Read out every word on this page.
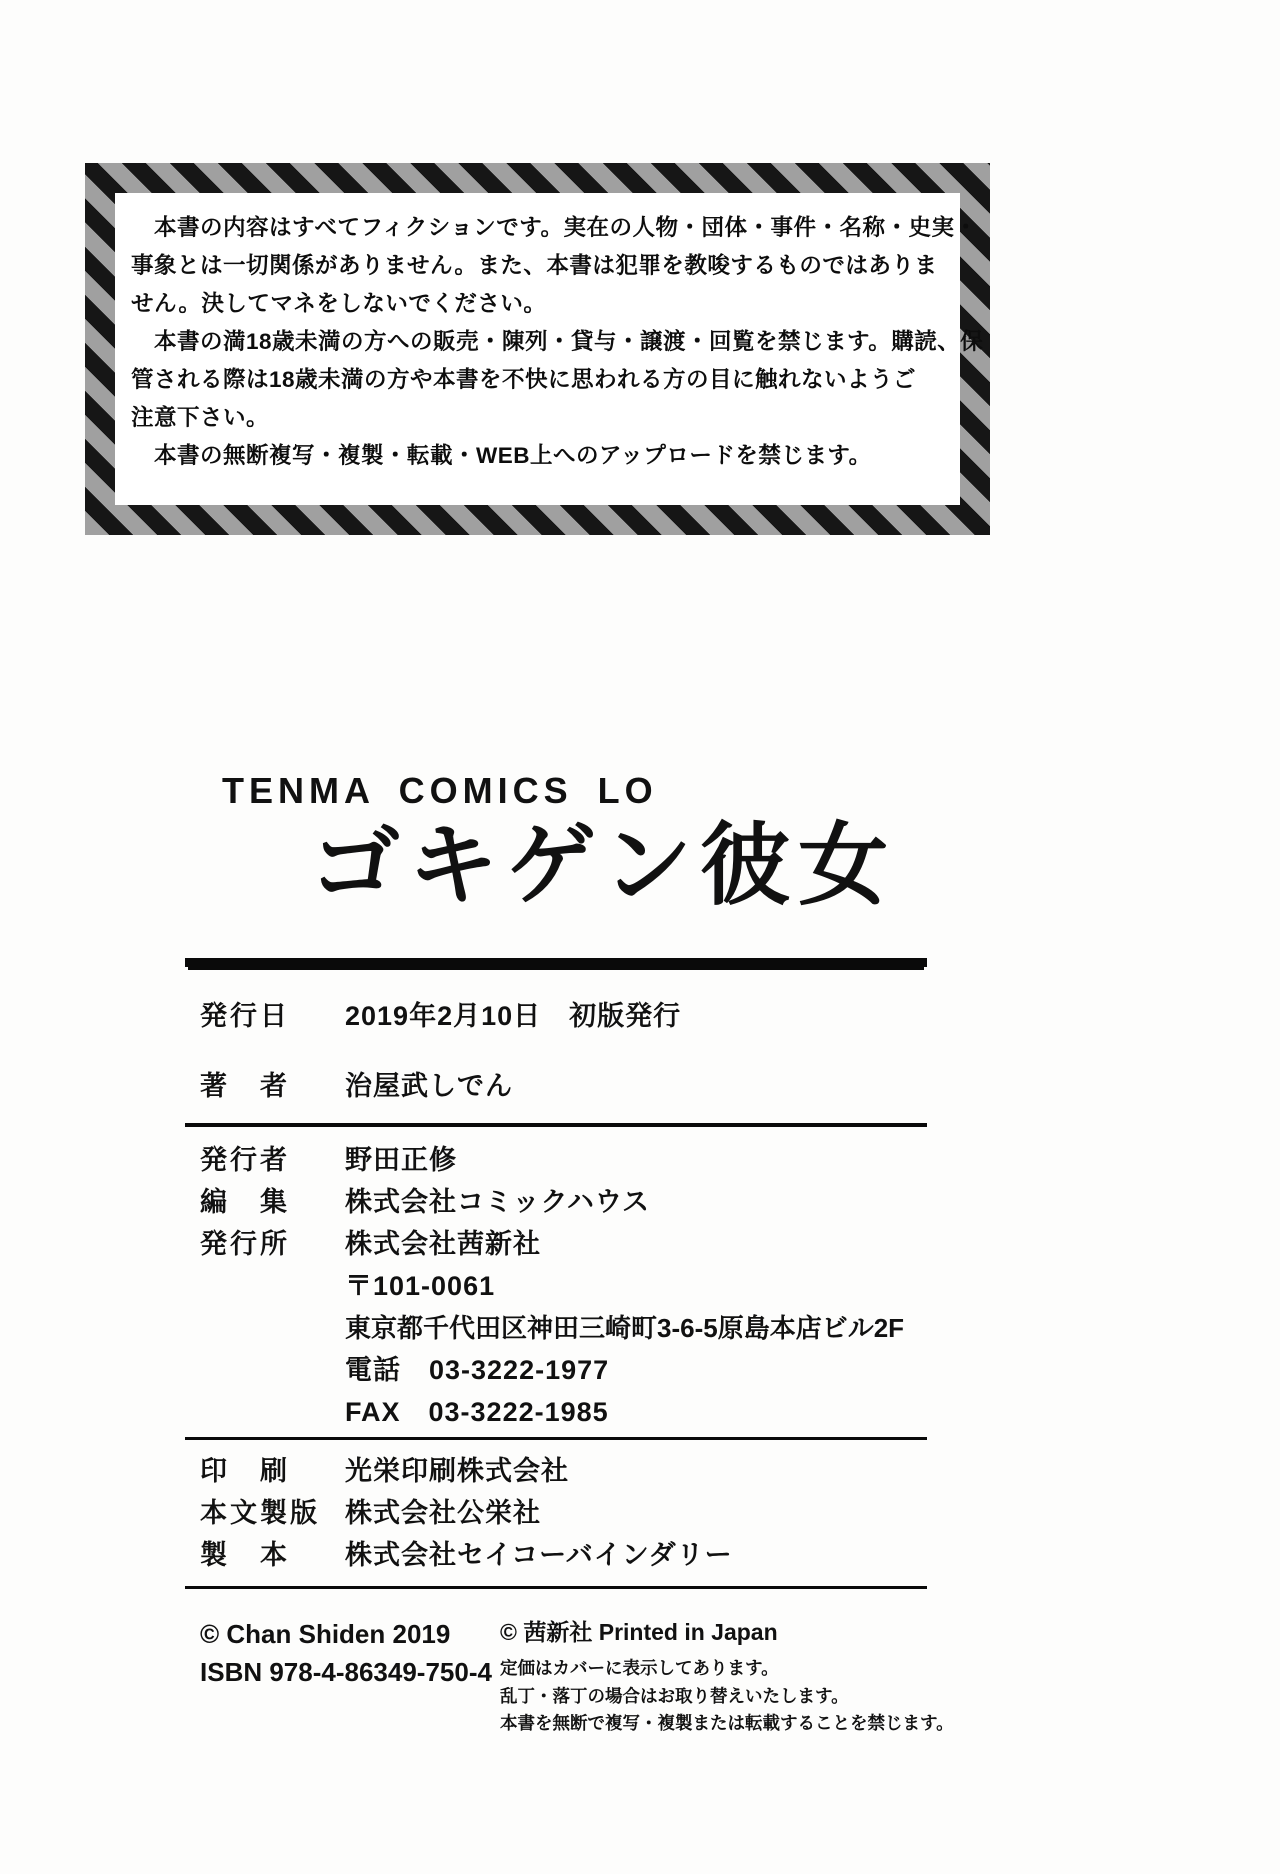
　本書の内容はすべてフィクションです。実在の人物・団体・事件・名称・史実・
事象とは一切関係がありません。また、本書は犯罪を教唆するものではありま
せん。決してマネをしないでください。
　本書の満18歳未満の方への販売・陳列・貸与・譲渡・回覧を禁じます。購読、保
管される際は18歳未満の方や本書を不快に思われる方の目に触れないようご
注意下さい。
　本書の無断複写・複製・転載・WEB上へのアップロードを禁じます。
TENMA COMICS LO
ゴキゲン彼女
発行日	2019年2月10日　初版発行
著　者	治屋武しでん
発行者	野田正修
編　集	株式会社コミックハウス
発行所	株式会社茜新社
〒101-0061
東京都千代田区神田三崎町3-6-5原島本店ビル2F
電話　03-3222-1977
FAX　03-3222-1985
印　刷	光栄印刷株式会社
本文製版 株式会社公栄社
製　本	株式会社セイコーバインダリー
© Chan Shiden 2019
ISBN 978-4-86349-750-4
© 茜新社 Printed in Japan
定価はカバーに表示してあります。
乱丁・落丁の場合はお取り替えいたします。
本書を無断で複写・複製または転載することを禁じます。
